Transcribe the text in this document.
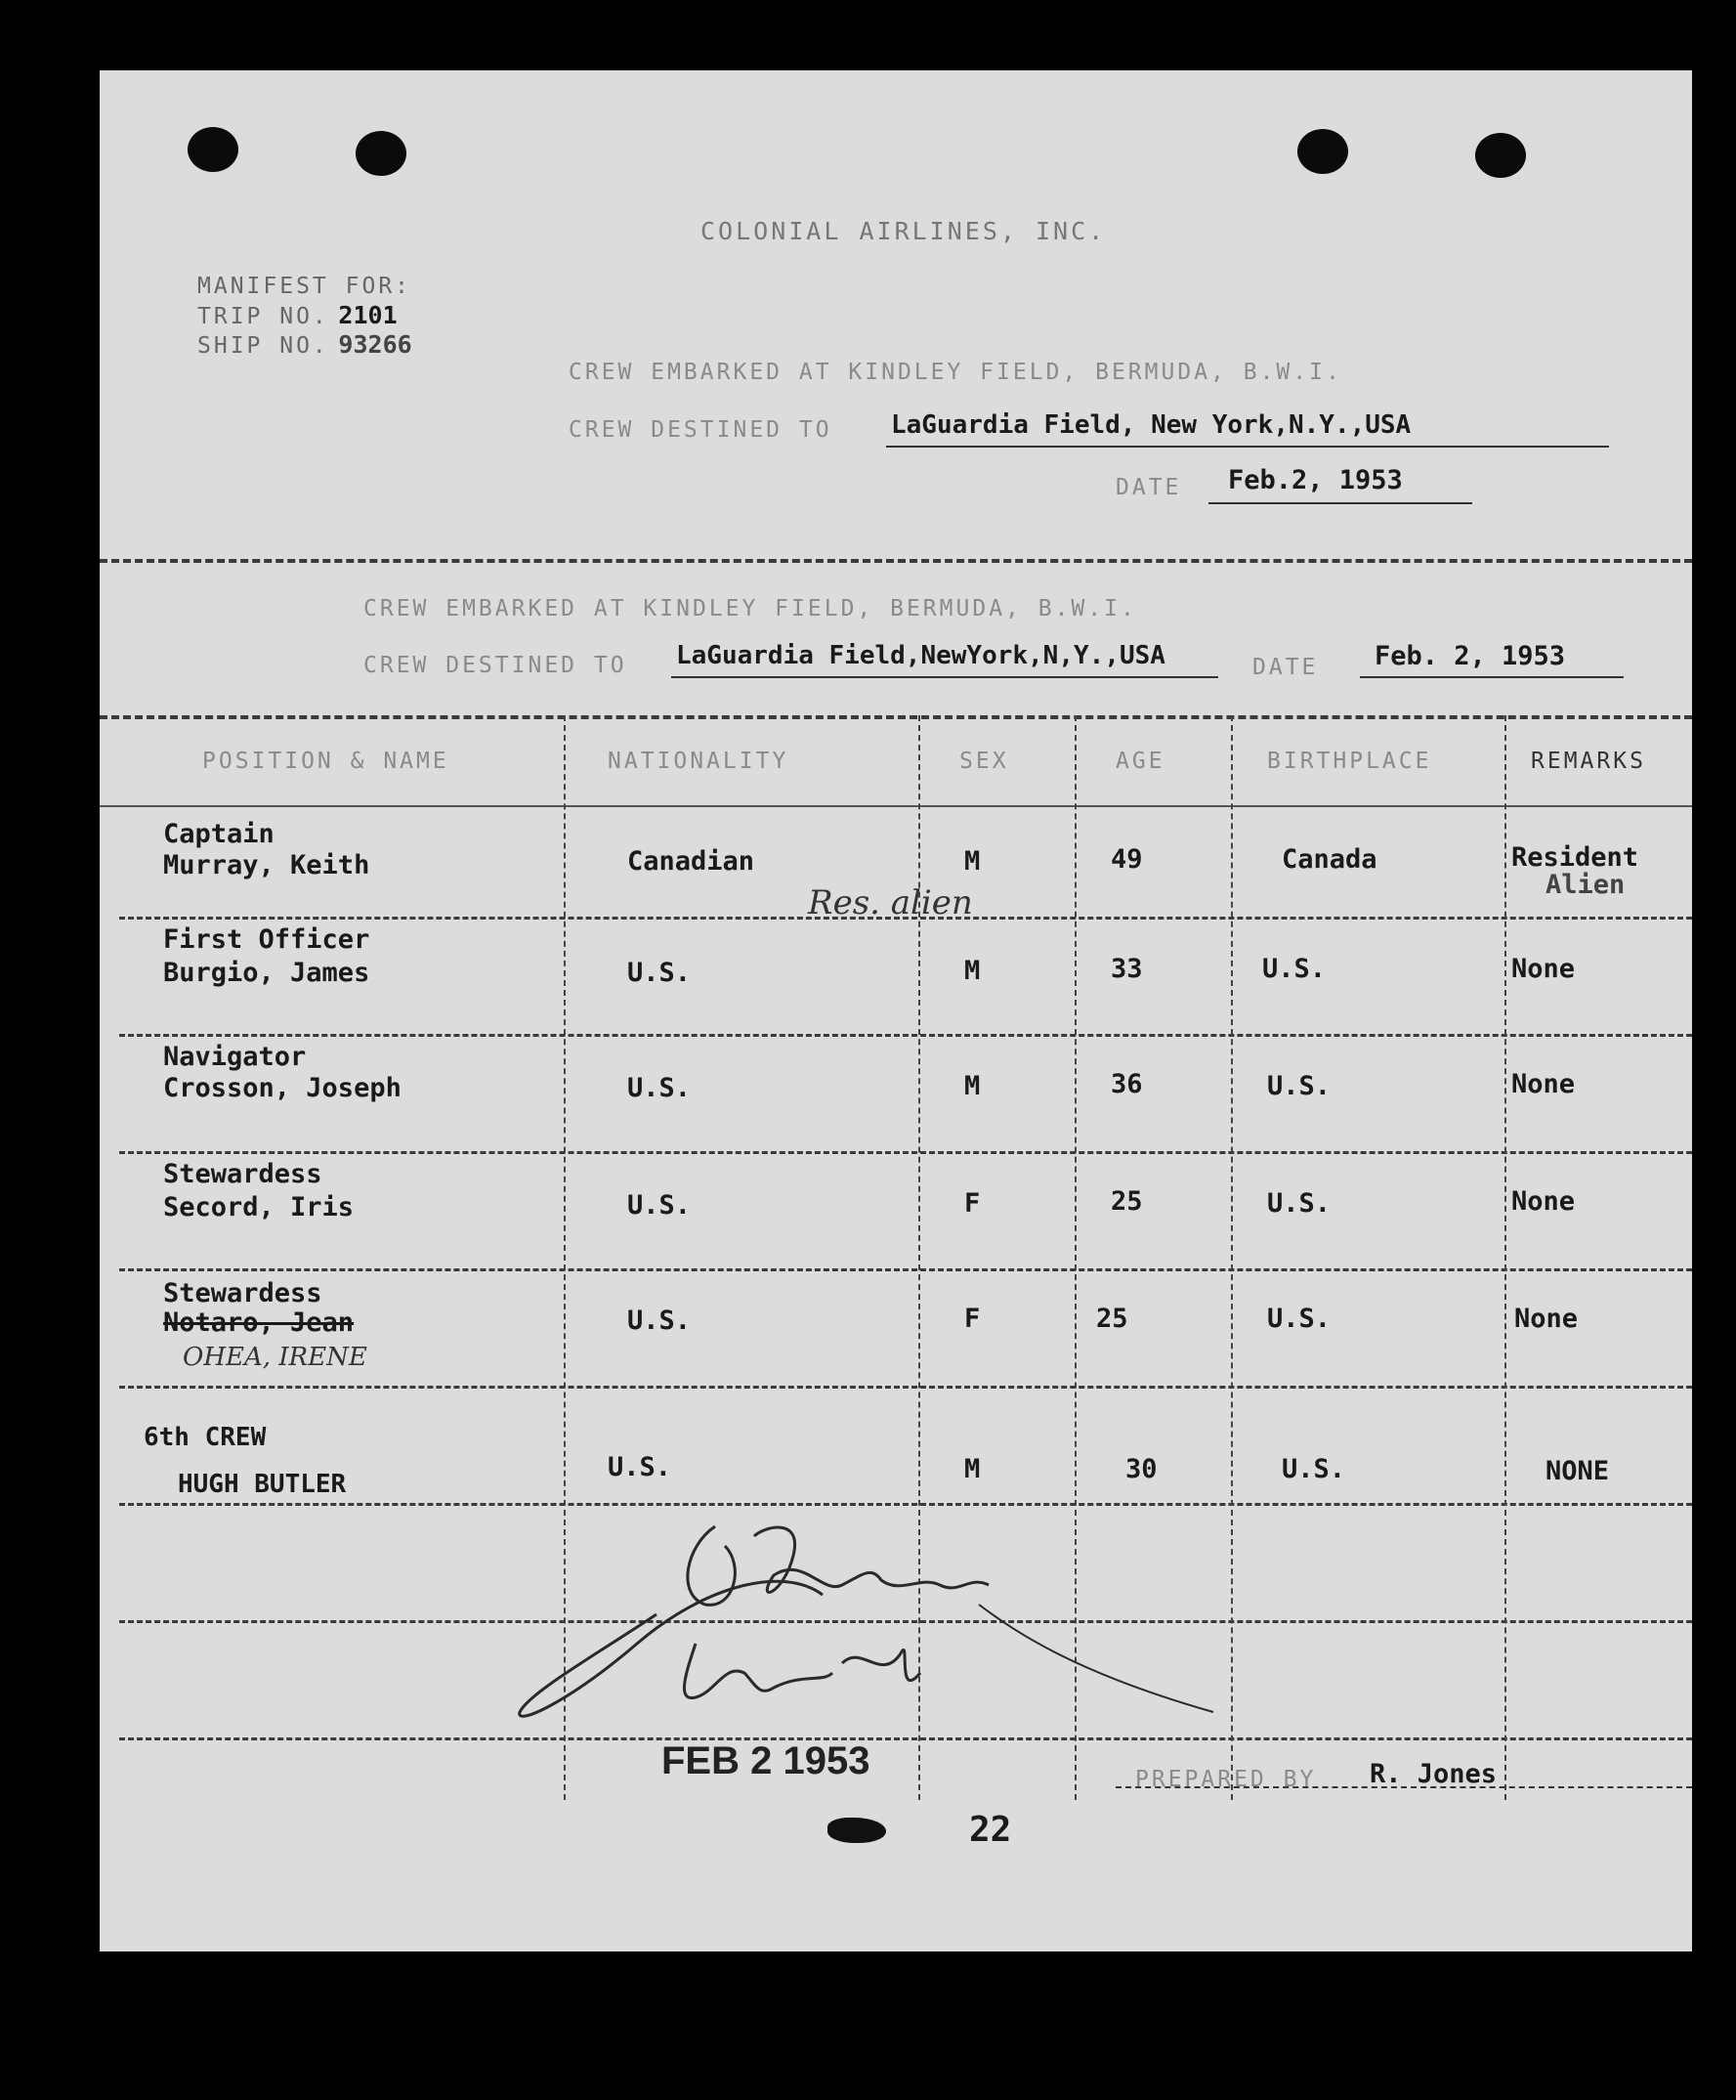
COLONIAL AIRLINES, INC.
MANIFEST FOR:
TRIP NO. 2101
SHIP NO. 93266
CREW EMBARKED AT KINDLEY FIELD, BERMUDA, B.W.I.
CREW DESTINED TO LaGuardia Field, New York,N.Y.,USA
DATE Feb.2, 1953
CREW EMBARKED AT KINDLEY FIELD, BERMUDA, B.W.I.
CREW DESTINED TO LaGuardia Field,NewYork,N,Y.,USA	DATE Feb. 2, 1953
POSITION & NAME	NATIONALITY	SEX	AGE	BIRTHPLACE	REMARKS
Captain
Murray, Keith	Canadian	M	49	Canada	Resident
Alien
Res. alien
First Officer
Burgio, James	U.S.	M	33	U.S.	None
Navigator
Crosson, Joseph	U.S.	M	36	U.S.	None
Stewardess
Secord, Iris	U.S.	F	25	U.S.	None
Stewardess
Notaro, Jean
OHEA, IRENE
U.S.	F	25	U.S.	None
6th CREW
HUGH BUTLER
U.S.	M	30	U.S.	NONE
FEB 2 1953	PREPARED BY R. Jones
22
